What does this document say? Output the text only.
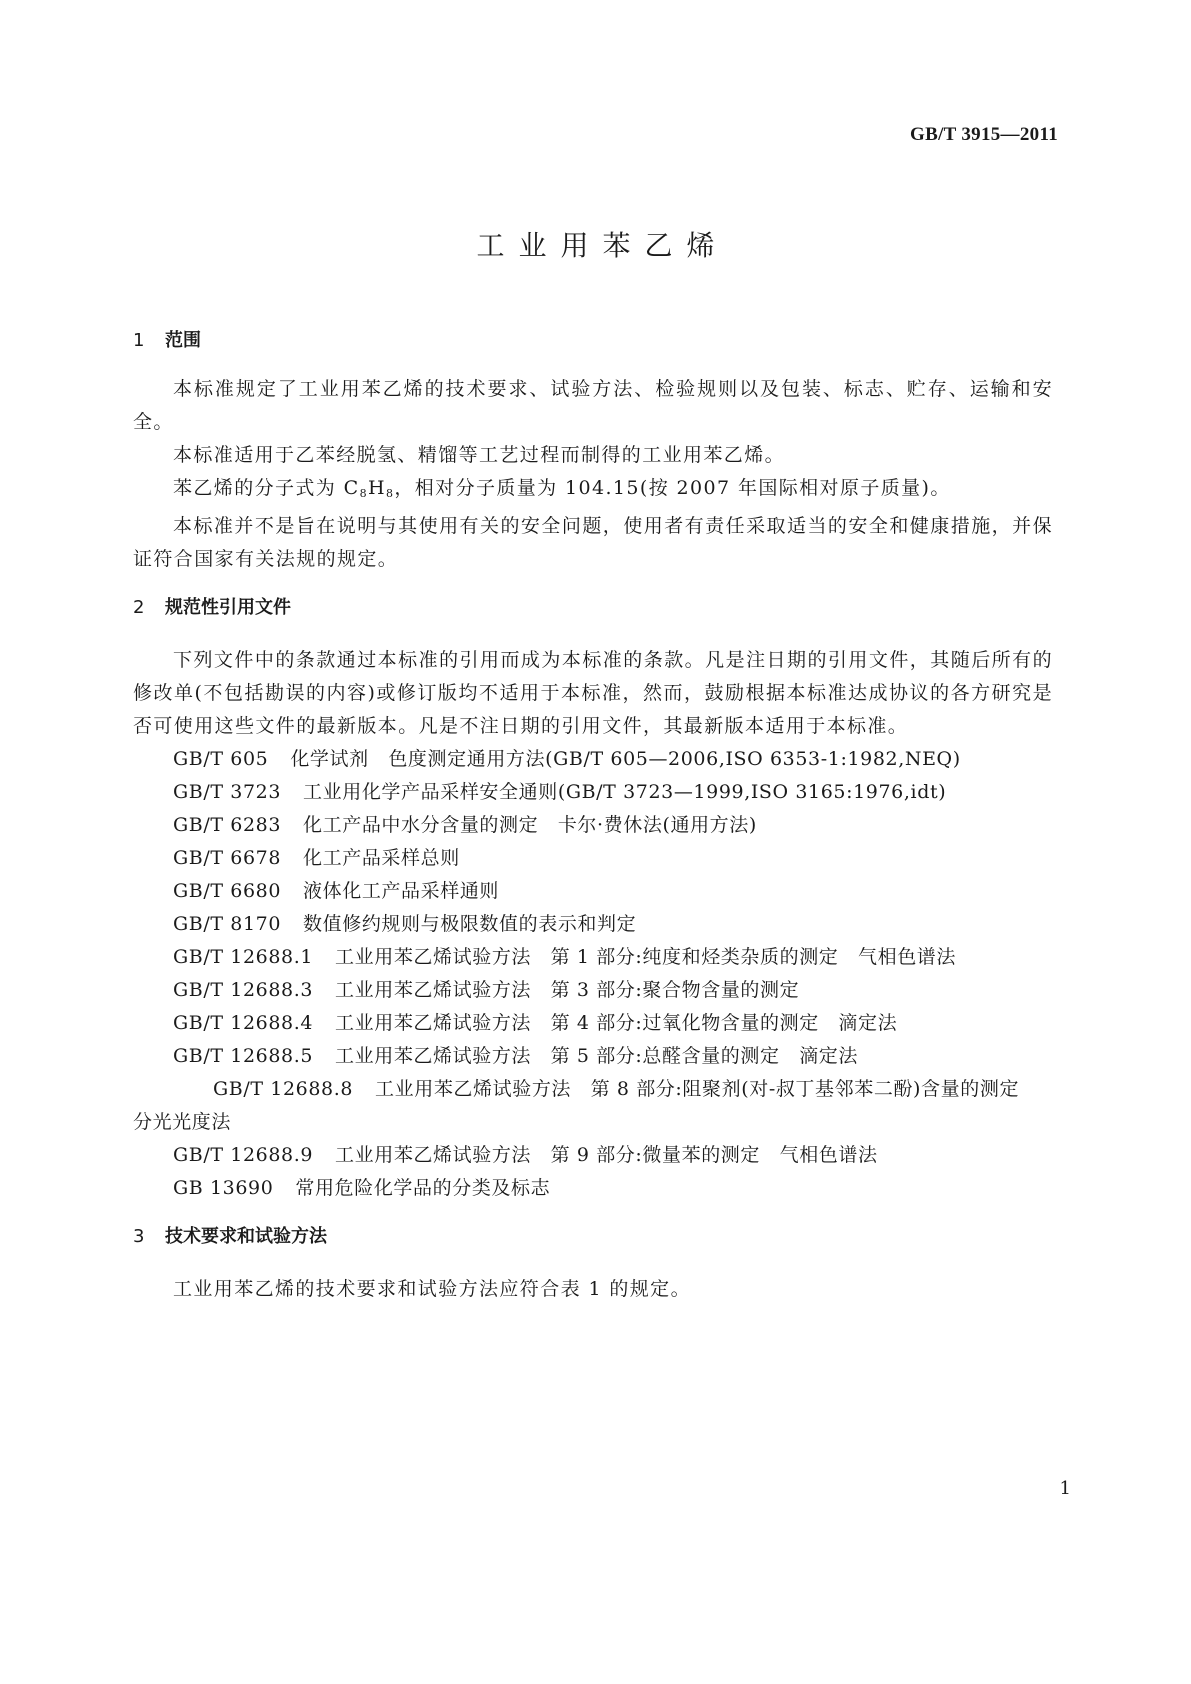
GB/T 3915—2011
工业用苯乙烯
1 范围

本标准规定了工业用苯乙烯的技术要求、试验方法、检验规则以及包装、标志、贮存、运输和安全。

本标准适用于乙苯经脱氢、精馏等工艺过程而制得的工业用苯乙烯。

苯乙烯的分子式为 $C_8H_8$，相对分子质量为 104.15(按 2007 年国际相对原子质量)。

本标准并不是旨在说明与其使用有关的安全问题，使用者有责任采取适当的安全和健康措施，并保证符合国家有关法规的规定。

2 规范性引用文件

下列文件中的条款通过本标准的引用而成为本标准的条款。凡是注日期的引用文件，其随后所有的修改单(不包括勘误的内容)或修订版均不适用于本标准，然而，鼓励根据本标准达成协议的各方研究是否可使用这些文件的最新版本。凡是不注日期的引用文件，其最新版本适用于本标准。

GB/T 605 化学试剂　色度测定通用方法(GB/T 605—2006,ISO 6353-1:1982,NEQ)

GB/T 3723 工业用化学产品采样安全通则(GB/T 3723—1999,ISO 3165:1976,idt)

GB/T 6283 化工产品中水分含量的测定　卡尔·费休法(通用方法)

GB/T 6678 化工产品采样总则

GB/T 6680 液体化工产品采样通则

GB/T 8170 数值修约规则与极限数值的表示和判定

GB/T 12688.1 工业用苯乙烯试验方法　第 1 部分:纯度和烃类杂质的测定　气相色谱法

GB/T 12688.3 工业用苯乙烯试验方法　第 3 部分:聚合物含量的测定

GB/T 12688.4 工业用苯乙烯试验方法　第 4 部分:过氧化物含量的测定　滴定法

GB/T 12688.5 工业用苯乙烯试验方法　第 5 部分:总醛含量的测定　滴定法

GB/T 12688.8 工业用苯乙烯试验方法　第 8 部分:阻聚剂(对-叔丁基邻苯二酚)含量的测定　分光光度法

GB/T 12688.9 工业用苯乙烯试验方法　第 9 部分:微量苯的测定　气相色谱法

GB 13690 常用危险化学品的分类及标志

3 技术要求和试验方法

工业用苯乙烯的技术要求和试验方法应符合表 1 的规定。

1
